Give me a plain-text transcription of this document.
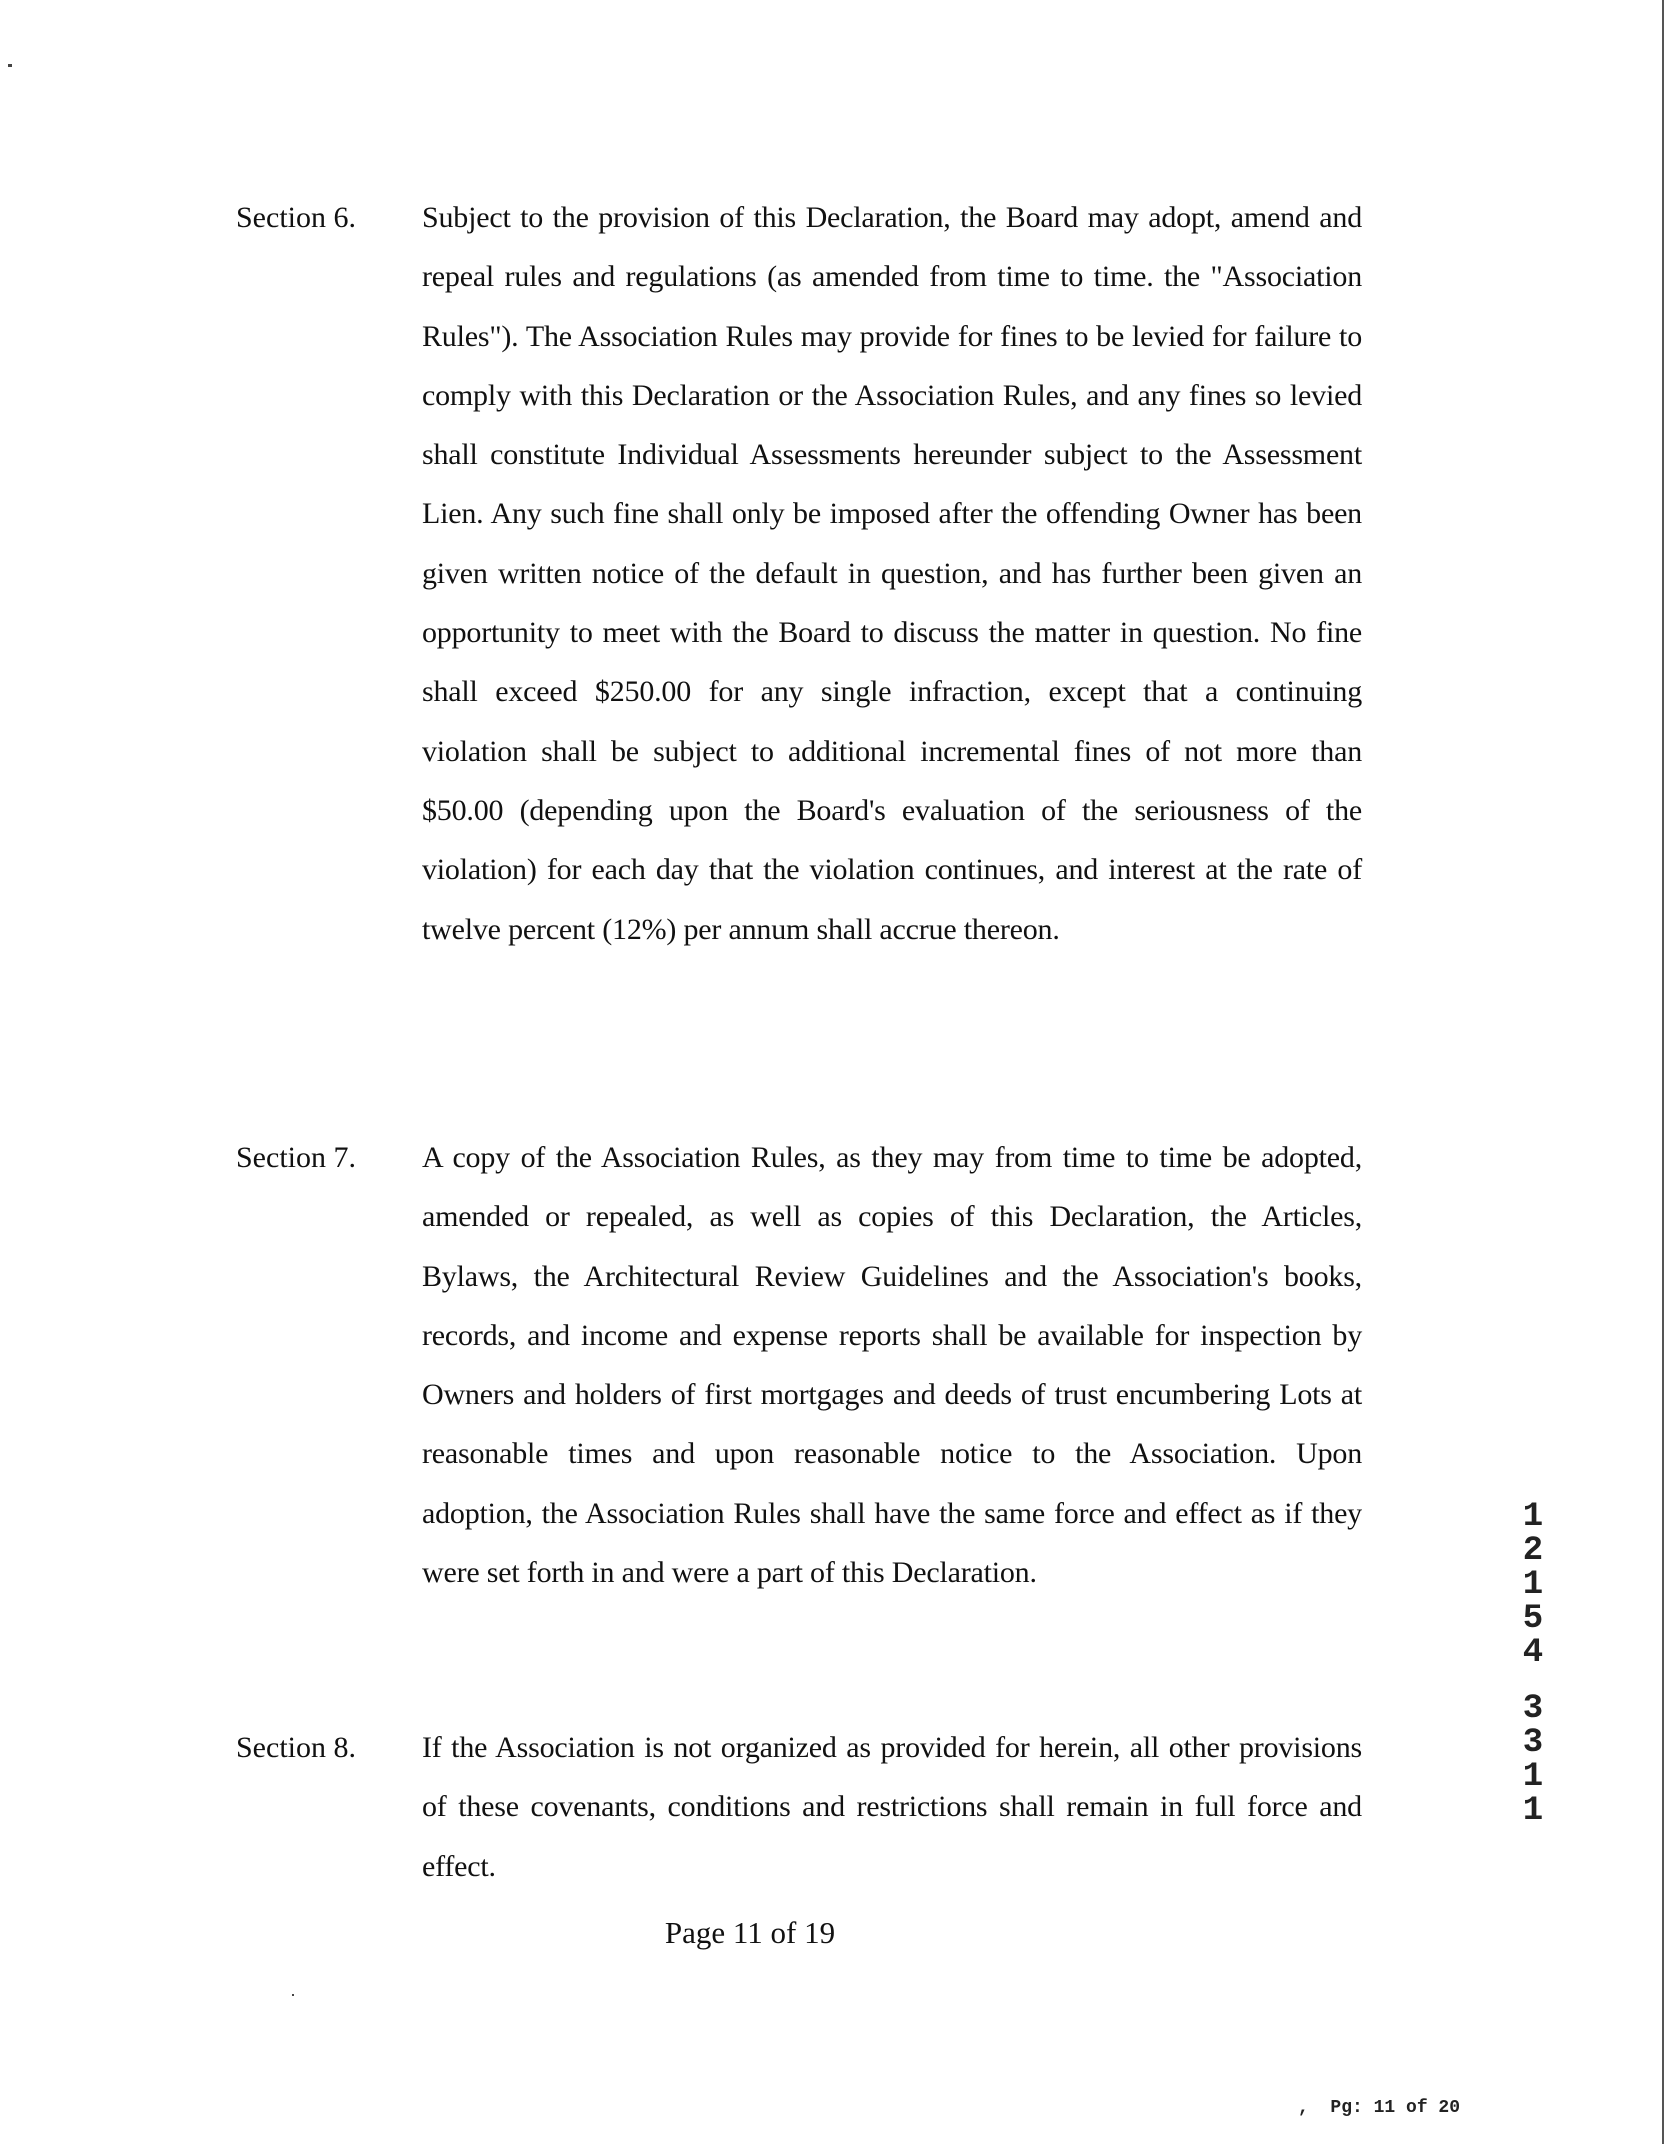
Section 6. Subject to the provision of this Declaration, the Board may adopt, amend and repeal rules and regulations (as amended from time to time. the "Association Rules"). The Association Rules may provide for fines to be levied for failure to comply with this Declaration or the Association Rules, and any fines so levied shall constitute Individual Assessments hereunder subject to the Assessment Lien. Any such fine shall only be imposed after the offending Owner has been given written notice of the default in question, and has further been given an opportunity to meet with the Board to discuss the matter in question. No fine shall exceed $250.00 for any single infraction, except that a continuing violation shall be subject to additional incremental fines of not more than $50.00 (depending upon the Board's evaluation of the seriousness of the violation) for each day that the violation continues, and interest at the rate of twelve percent (12%) per annum shall accrue thereon.
Section 7. A copy of the Association Rules, as they may from time to time be adopted, amended or repealed, as well as copies of this Declaration, the Articles, Bylaws, the Architectural Review Guidelines and the Association's books, records, and income and expense reports shall be available for inspection by Owners and holders of first mortgages and deeds of trust encumbering Lots at reasonable times and upon reasonable notice to the Association. Upon adoption, the Association Rules shall have the same force and effect as if they were set forth in and were a part of this Declaration.
Section 8. If the Association is not organized as provided for herein, all other provisions of these covenants, conditions and restrictions shall remain in full force and effect.
Page 11 of 19
1
2
1
5
4
3
3
1
1
,  Pg: 11 of 20
